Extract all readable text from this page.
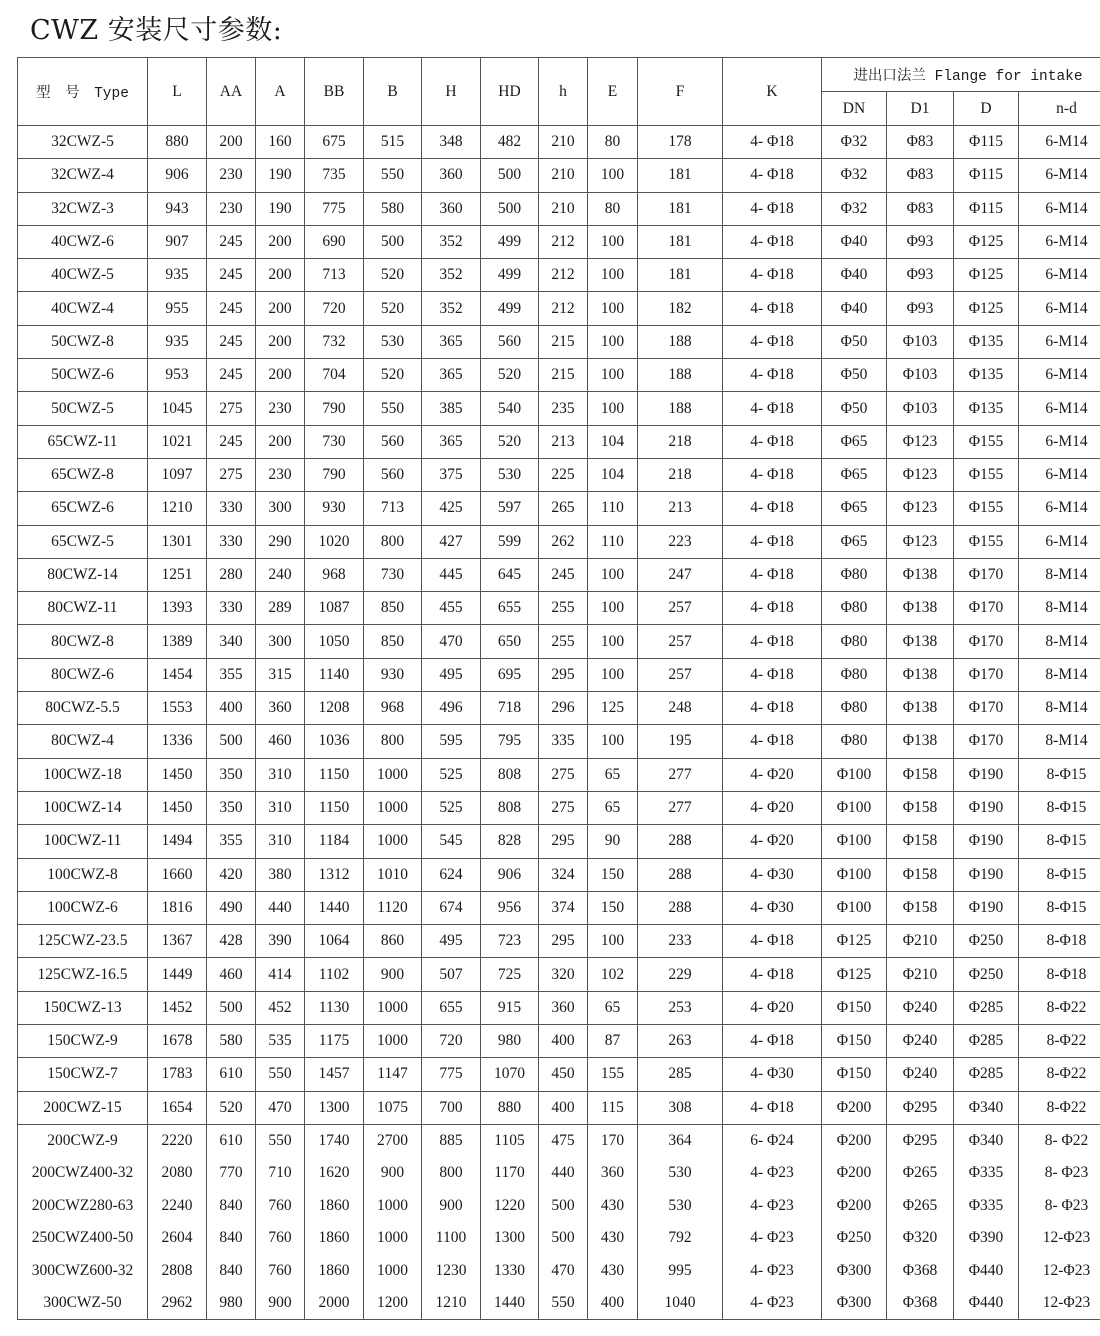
CWZ 安装尺寸参数:
型　号　Type	L	AA	A	BB	B	H	HD	h	E	F	K	进出口法兰 Flange for intake			
												DN	D1	D	n-d
32CWZ-5	880	200	160	675	515	348	482	210	80	178	4- Φ18	Φ32	Φ83	Φ115	6-M14
32CWZ-4	906	230	190	735	550	360	500	210	100	181	4- Φ18	Φ32	Φ83	Φ115	6-M14
32CWZ-3	943	230	190	775	580	360	500	210	80	181	4- Φ18	Φ32	Φ83	Φ115	6-M14
40CWZ-6	907	245	200	690	500	352	499	212	100	181	4- Φ18	Φ40	Φ93	Φ125	6-M14
40CWZ-5	935	245	200	713	520	352	499	212	100	181	4- Φ18	Φ40	Φ93	Φ125	6-M14
40CWZ-4	955	245	200	720	520	352	499	212	100	182	4- Φ18	Φ40	Φ93	Φ125	6-M14
50CWZ-8	935	245	200	732	530	365	560	215	100	188	4- Φ18	Φ50	Φ103	Φ135	6-M14
50CWZ-6	953	245	200	704	520	365	520	215	100	188	4- Φ18	Φ50	Φ103	Φ135	6-M14
50CWZ-5	1045	275	230	790	550	385	540	235	100	188	4- Φ18	Φ50	Φ103	Φ135	6-M14
65CWZ-11	1021	245	200	730	560	365	520	213	104	218	4- Φ18	Φ65	Φ123	Φ155	6-M14
65CWZ-8	1097	275	230	790	560	375	530	225	104	218	4- Φ18	Φ65	Φ123	Φ155	6-M14
65CWZ-6	1210	330	300	930	713	425	597	265	110	213	4- Φ18	Φ65	Φ123	Φ155	6-M14
65CWZ-5	1301	330	290	1020	800	427	599	262	110	223	4- Φ18	Φ65	Φ123	Φ155	6-M14
80CWZ-14	1251	280	240	968	730	445	645	245	100	247	4- Φ18	Φ80	Φ138	Φ170	8-M14
80CWZ-11	1393	330	289	1087	850	455	655	255	100	257	4- Φ18	Φ80	Φ138	Φ170	8-M14
80CWZ-8	1389	340	300	1050	850	470	650	255	100	257	4- Φ18	Φ80	Φ138	Φ170	8-M14
80CWZ-6	1454	355	315	1140	930	495	695	295	100	257	4- Φ18	Φ80	Φ138	Φ170	8-M14
80CWZ-5.5	1553	400	360	1208	968	496	718	296	125	248	4- Φ18	Φ80	Φ138	Φ170	8-M14
80CWZ-4	1336	500	460	1036	800	595	795	335	100	195	4- Φ18	Φ80	Φ138	Φ170	8-M14
100CWZ-18	1450	350	310	1150	1000	525	808	275	65	277	4- Φ20	Φ100	Φ158	Φ190	8-Φ15
100CWZ-14	1450	350	310	1150	1000	525	808	275	65	277	4- Φ20	Φ100	Φ158	Φ190	8-Φ15
100CWZ-11	1494	355	310	1184	1000	545	828	295	90	288	4- Φ20	Φ100	Φ158	Φ190	8-Φ15
100CWZ-8	1660	420	380	1312	1010	624	906	324	150	288	4- Φ30	Φ100	Φ158	Φ190	8-Φ15
100CWZ-6	1816	490	440	1440	1120	674	956	374	150	288	4- Φ30	Φ100	Φ158	Φ190	8-Φ15
125CWZ-23.5	1367	428	390	1064	860	495	723	295	100	233	4- Φ18	Φ125	Φ210	Φ250	8-Φ18
125CWZ-16.5	1449	460	414	1102	900	507	725	320	102	229	4- Φ18	Φ125	Φ210	Φ250	8-Φ18
150CWZ-13	1452	500	452	1130	1000	655	915	360	65	253	4- Φ20	Φ150	Φ240	Φ285	8-Φ22
150CWZ-9	1678	580	535	1175	1000	720	980	400	87	263	4- Φ18	Φ150	Φ240	Φ285	8-Φ22
150CWZ-7	1783	610	550	1457	1147	775	1070	450	155	285	4- Φ30	Φ150	Φ240	Φ285	8-Φ22
200CWZ-15	1654	520	470	1300	1075	700	880	400	115	308	4- Φ18	Φ200	Φ295	Φ340	8-Φ22
200CWZ-9	2220	610	550	1740	2700	885	1105	475	170	364	6- Φ24	Φ200	Φ295	Φ340	8- Φ22
200CWZ400-32	2080	770	710	1620	900	800	1170	440	360	530	4- Φ23	Φ200	Φ265	Φ335	8- Φ23
200CWZ280-63	2240	840	760	1860	1000	900	1220	500	430	530	4- Φ23	Φ200	Φ265	Φ335	8- Φ23
250CWZ400-50	2604	840	760	1860	1000	1100	1300	500	430	792	4- Φ23	Φ250	Φ320	Φ390	12-Φ23
300CWZ600-32	2808	840	760	1860	1000	1230	1330	470	430	995	4- Φ23	Φ300	Φ368	Φ440	12-Φ23
300CWZ-50	2962	980	900	2000	1200	1210	1440	550	400	1040	4- Φ23	Φ300	Φ368	Φ440	12-Φ23
